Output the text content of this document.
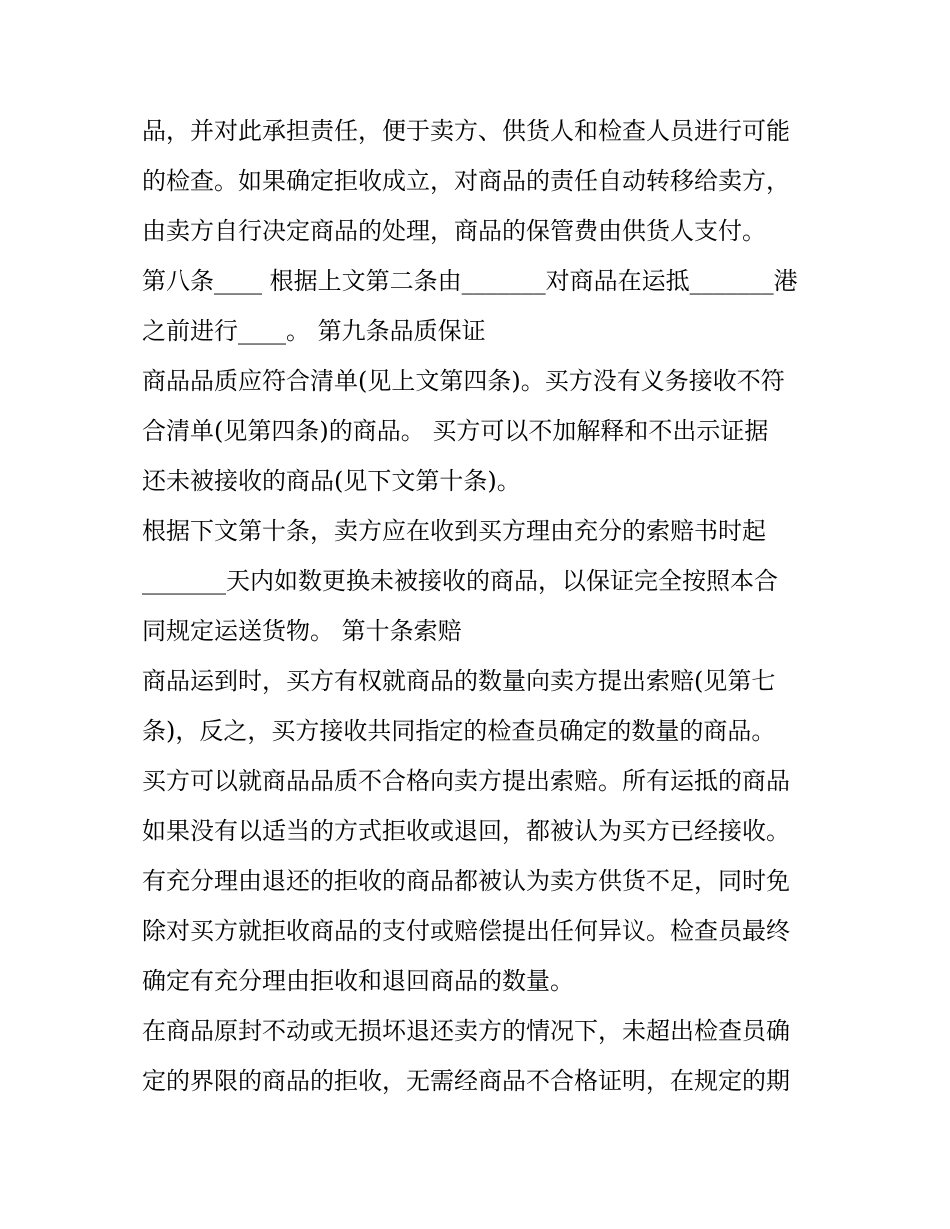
品，并对此承担责任，便于卖方、供货人和检查人员进行可能
的检查。如果确定拒收成立，对商品的责任自动转移给卖方，
由卖方自行决定商品的处理，商品的保管费由供货人支付。
第八条____ 根据上文第二条由_______对商品在运抵_______港
之前进行____。 第九条品质保证
商品品质应符合清单(见上文第四条)。买方没有义务接收不符
合清单(见第四条)的商品。 买方可以不加解释和不出示证据
还未被接收的商品(见下文第十条)。
根据下文第十条，卖方应在收到买方理由充分的索赔书时起
_______天内如数更换未被接收的商品，以保证完全按照本合
同规定运送货物。 第十条索赔
商品运到时，买方有权就商品的数量向卖方提出索赔(见第七
条)，反之，买方接收共同指定的检查员确定的数量的商品。
买方可以就商品品质不合格向卖方提出索赔。所有运抵的商品
如果没有以适当的方式拒收或退回，都被认为买方已经接收。
有充分理由退还的拒收的商品都被认为卖方供货不足，同时免
除对买方就拒收商品的支付或赔偿提出任何异议。检查员最终
确定有充分理由拒收和退回商品的数量。
在商品原封不动或无损坏退还卖方的情况下，未超出检查员确
定的界限的商品的拒收，无需经商品不合格证明，在规定的期
